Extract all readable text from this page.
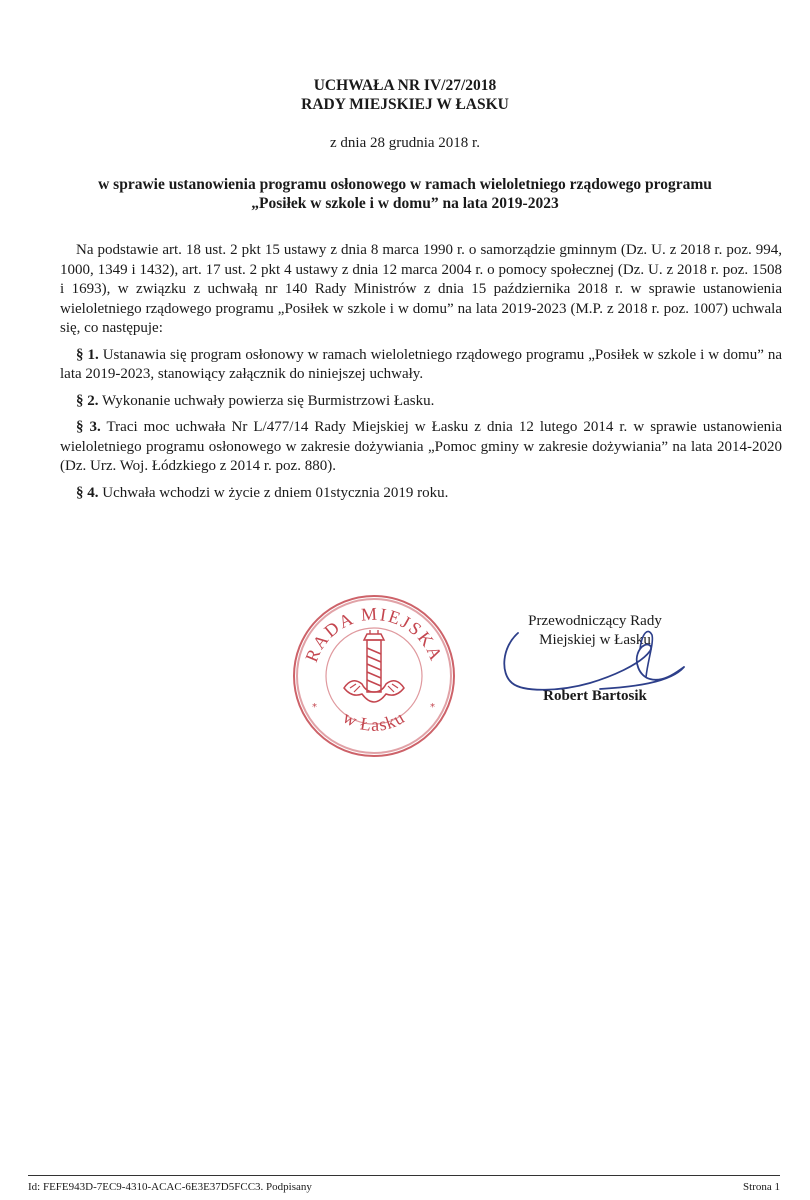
UCHWAŁA NR IV/27/2018
RADY MIEJSKIEJ W ŁASKU
z dnia 28 grudnia 2018 r.
w sprawie ustanowienia programu osłonowego w ramach wieloletniego rządowego programu
„Posiłek w szkole i w domu” na lata 2019-2023

Na podstawie art. 18 ust. 2 pkt 15 ustawy z dnia 8 marca 1990 r. o samorządzie gminnym (Dz. U. z 2018 r. poz. 994, 1000, 1349 i 1432), art. 17 ust. 2 pkt 4 ustawy z dnia 12 marca 2004 r. o pomocy społecznej (Dz. U. z 2018 r. poz. 1508 i 1693), w związku z uchwałą nr 140 Rady Ministrów z dnia 15 października 2018 r. w sprawie ustanowienia wieloletniego rządowego programu „Posiłek w szkole i w domu” na lata 2019-2023 (M.P. z 2018 r. poz. 1007) uchwala się, co następuje:

§ 1. Ustanawia się program osłonowy w ramach wieloletniego rządowego programu „Posiłek w szkole i w domu” na lata 2019-2023, stanowiący załącznik do niniejszej uchwały.

§ 2. Wykonanie uchwały powierza się Burmistrzowi Łasku.

§ 3. Traci moc uchwała Nr L/477/14 Rady Miejskiej w Łasku z dnia 12 lutego 2014 r. w sprawie ustanowienia wieloletniego programu osłonowego w zakresie dożywiania „Pomoc gminy w zakresie dożywiania” na lata 2014-2020 (Dz. Urz. Woj. Łódzkiego z 2014 r. poz. 880).

§ 4. Uchwała wchodzi w życie z dniem 01stycznia 2019 roku.

RADA MIEJSKA
w Łasku
*	*
Przewodniczący Rady
Miejskiej w Łasku
Robert Bartosik
Id: FEFE943D-7EC9-4310-ACAC-6E3E37D5FCC3. Podpisany	Strona 1
